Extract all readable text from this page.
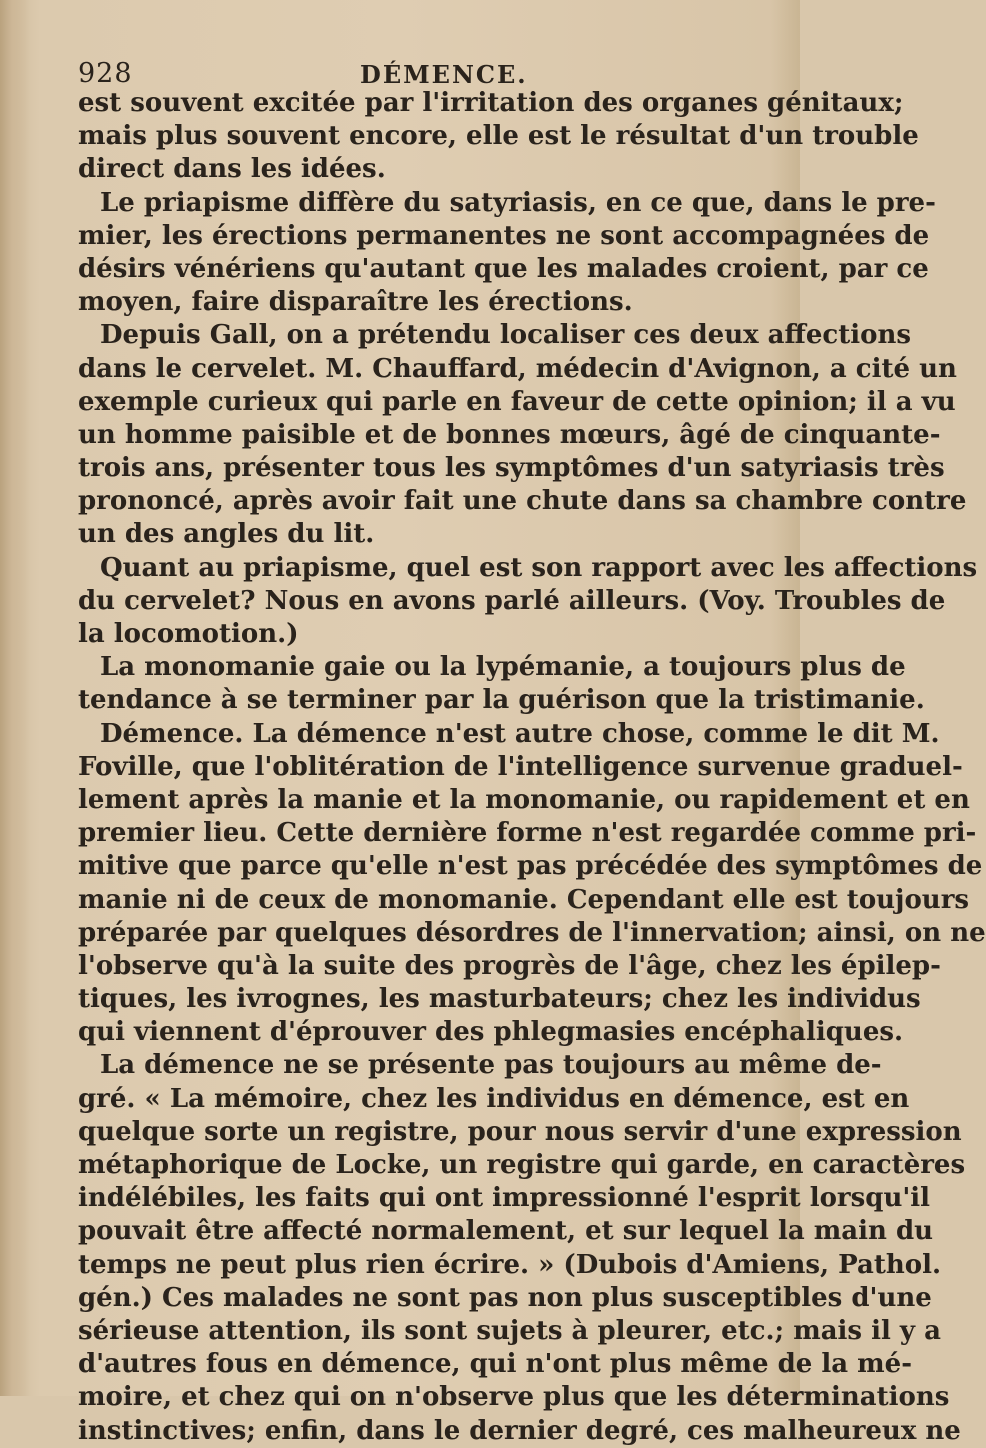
928	DÉMENCE.
est souvent excitée par l'irritation des organes génitaux;
mais plus souvent encore, elle est le résultat d'un trouble
direct dans les idées.
Le priapisme diffère du satyriasis, en ce que, dans le pre-
mier, les érections permanentes ne sont accompagnées de
désirs vénériens qu'autant que les malades croient, par ce
moyen, faire disparaître les érections.
Depuis Gall, on a prétendu localiser ces deux affections
dans le cervelet. M. Chauffard, médecin d'Avignon, a cité un
exemple curieux qui parle en faveur de cette opinion; il a vu
un homme paisible et de bonnes mœurs, âgé de cinquante-
trois ans, présenter tous les symptômes d'un satyriasis très
prononcé, après avoir fait une chute dans sa chambre contre
un des angles du lit.
Quant au priapisme, quel est son rapport avec les affections
du cervelet? Nous en avons parlé ailleurs. (Voy. Troubles de
la locomotion.)
La monomanie gaie ou la lypémanie, a toujours plus de
tendance à se terminer par la guérison que la tristimanie.
Démence. La démence n'est autre chose, comme le dit M.
Foville, que l'oblitération de l'intelligence survenue graduel-
lement après la manie et la monomanie, ou rapidement et en
premier lieu. Cette dernière forme n'est regardée comme pri-
mitive que parce qu'elle n'est pas précédée des symptômes de
manie ni de ceux de monomanie. Cependant elle est toujours
préparée par quelques désordres de l'innervation; ainsi, on ne
l'observe qu'à la suite des progrès de l'âge, chez les épilep-
tiques, les ivrognes, les masturbateurs; chez les individus
qui viennent d'éprouver des phlegmasies encéphaliques.
La démence ne se présente pas toujours au même de-
gré. « La mémoire, chez les individus en démence, est en
quelque sorte un registre, pour nous servir d'une expression
métaphorique de Locke, un registre qui garde, en caractères
indélébiles, les faits qui ont impressionné l'esprit lorsqu'il
pouvait être affecté normalement, et sur lequel la main du
temps ne peut plus rien écrire. » (Dubois d'Amiens, Pathol.
gén.) Ces malades ne sont pas non plus susceptibles d'une
sérieuse attention, ils sont sujets à pleurer, etc.; mais il y a
d'autres fous en démence, qui n'ont plus même de la mé-
moire, et chez qui on n'observe plus que les déterminations
instinctives; enfin, dans le dernier degré, ces malheureux ne
